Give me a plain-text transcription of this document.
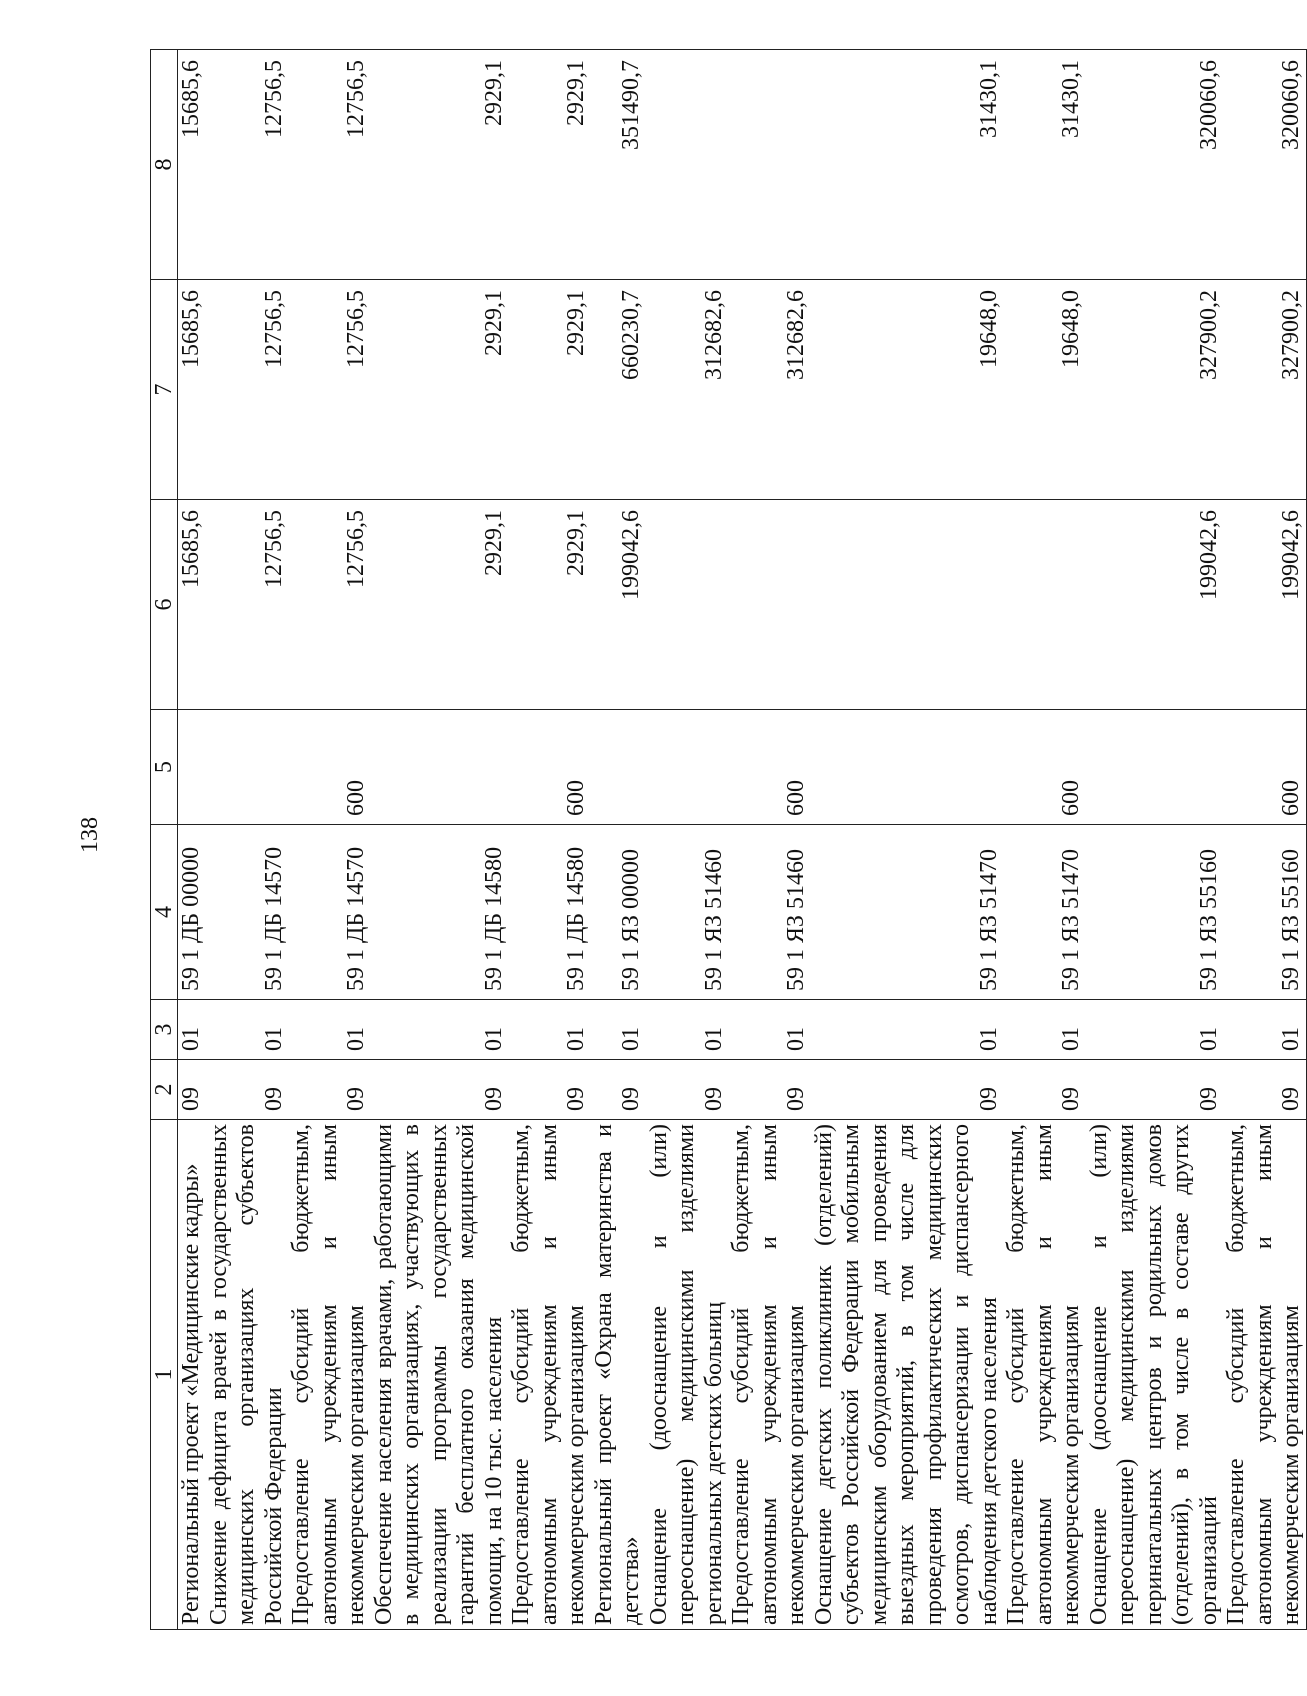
138
1	2	3	4	5	6	7	8
Региональный проект «Медицинские кадры»	09	01	59 1 ДБ 00000		15685,6	15685,6	15685,6
Снижение дефицита врачей в государственных медицинских организациях субъектов Российской Федерации	09	01	59 1 ДБ 14570		12756,5	12756,5	12756,5
Предоставление субсидий бюджетным, автономным учреждениям и иным некоммерческим организациям	09	01	59 1 ДБ 14570	600	12756,5	12756,5	12756,5
Обеспечение населения врачами, работающими в медицинских организациях, участвующих в реализации программы государственных гарантий бесплатного оказания медицинской помощи, на 10 тыс. населения	09	01	59 1 ДБ 14580		2929,1	2929,1	2929,1
Предоставление субсидий бюджетным, автономным учреждениям и иным некоммерческим организациям	09	01	59 1 ДБ 14580	600	2929,1	2929,1	2929,1
Региональный проект «Охрана материнства и детства»	09	01	59 1 ЯЗ 00000		199042,6	660230,7	351490,7
Оснащение (дооснащение и (или) переоснащение) медицинскими изделиями региональных детских больниц	09	01	59 1 ЯЗ 51460			312682,6	
Предоставление субсидий бюджетным, автономным учреждениям и иным некоммерческим организациям	09	01	59 1 ЯЗ 51460	600		312682,6	
Оснащение детских поликлиник (отделений) субъектов Российской Федерации мобильным медицинским оборудованием для проведения выездных мероприятий, в том числе для проведения профилактических медицинских осмотров, диспансеризации и диспансерного наблюдения детского населения	09	01	59 1 ЯЗ 51470			19648,0	31430,1
Предоставление субсидий бюджетным, автономным учреждениям и иным некоммерческим организациям	09	01	59 1 ЯЗ 51470	600		19648,0	31430,1
Оснащение (дооснащение и (или) переоснащение) медицинскими изделиями перинатальных центров и родильных домов (отделений), в том числе в составе других организаций	09	01	59 1 ЯЗ 55160		199042,6	327900,2	320060,6
Предоставление субсидий бюджетным, автономным учреждениям и иным некоммерческим организациям	09	01	59 1 ЯЗ 55160	600	199042,6	327900,2	320060,6
